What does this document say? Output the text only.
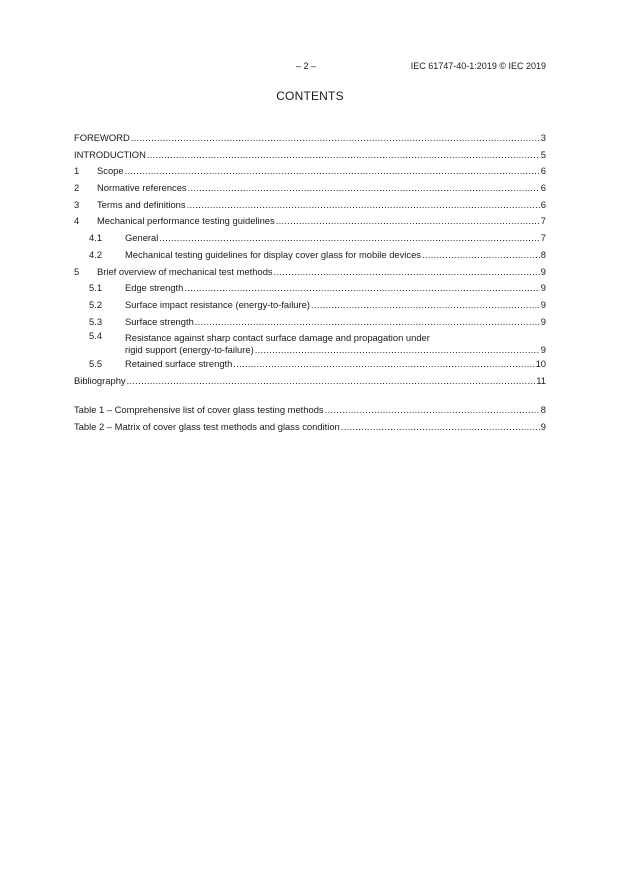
– 2 –	IEC 61747-40-1:2019 © IEC 2019
CONTENTS
FOREWORD .....	3
INTRODUCTION .....	5
1 Scope .....	6
2 Normative references .....	6
3 Terms and definitions .....	6
4 Mechanical performance testing guidelines .....	7
4.1 General .....	7
4.2 Mechanical testing guidelines for display cover glass for mobile devices .....	8
5 Brief overview of mechanical test methods .....	9
5.1 Edge strength .....	9
5.2 Surface impact resistance (energy-to-failure) .....	9
5.3 Surface strength .....	9
5.4 Resistance against sharp contact surface damage and propagation under
rigid support (energy-to-failure) .....	9
5.5 Retained surface strength .....	10
Bibliography .....	11
Table 1 – Comprehensive list of cover glass testing methods .....	8
Table 2 – Matrix of cover glass test methods and glass condition .....	9
